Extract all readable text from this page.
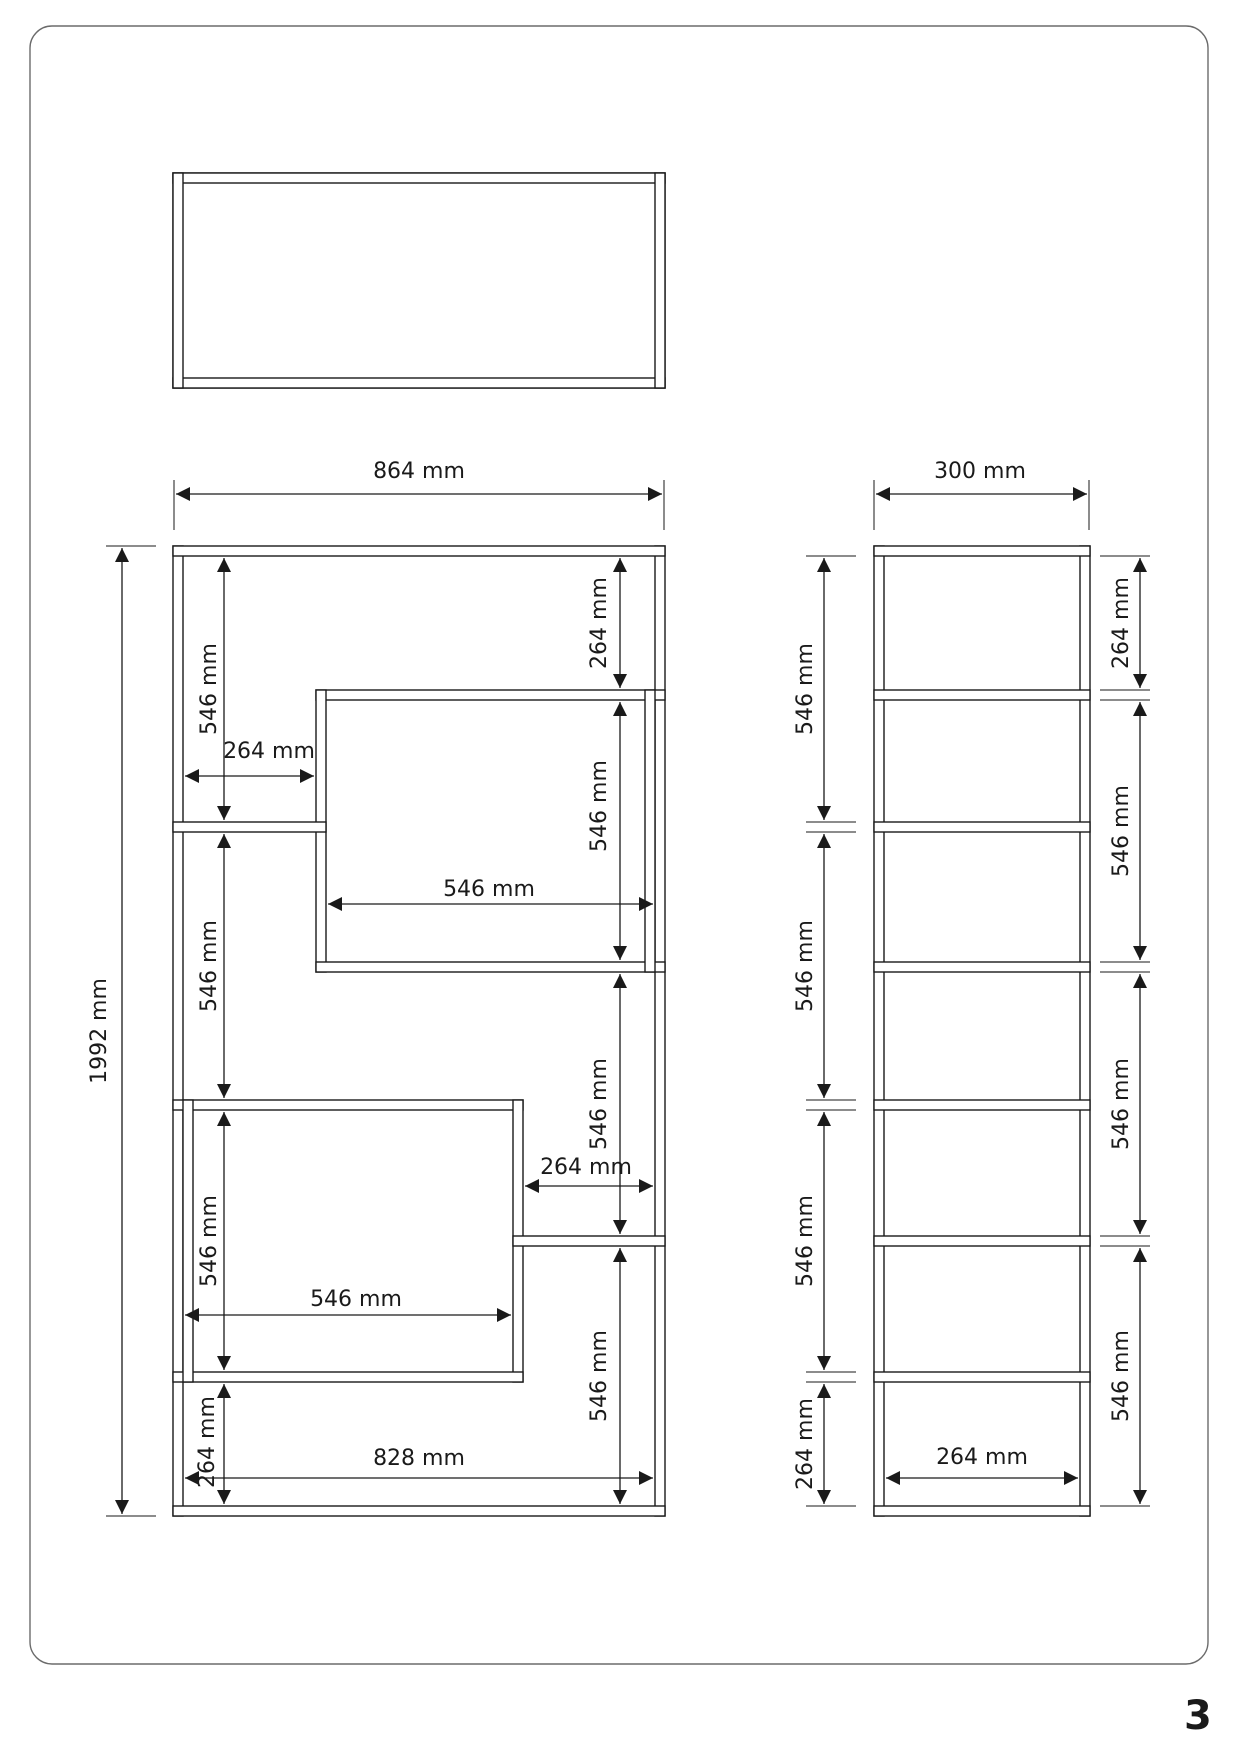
864 mm
1992 mm
546 mm
264 mm
264 mm
546 mm
546 mm
546 mm
546 mm
264 mm
546 mm
546 mm
546 mm
264 mm	828 mm
300 mm
546 mm
546 mm
546 mm
264 mm
264 mm
546 mm
546 mm
546 mm
264 mm
3
